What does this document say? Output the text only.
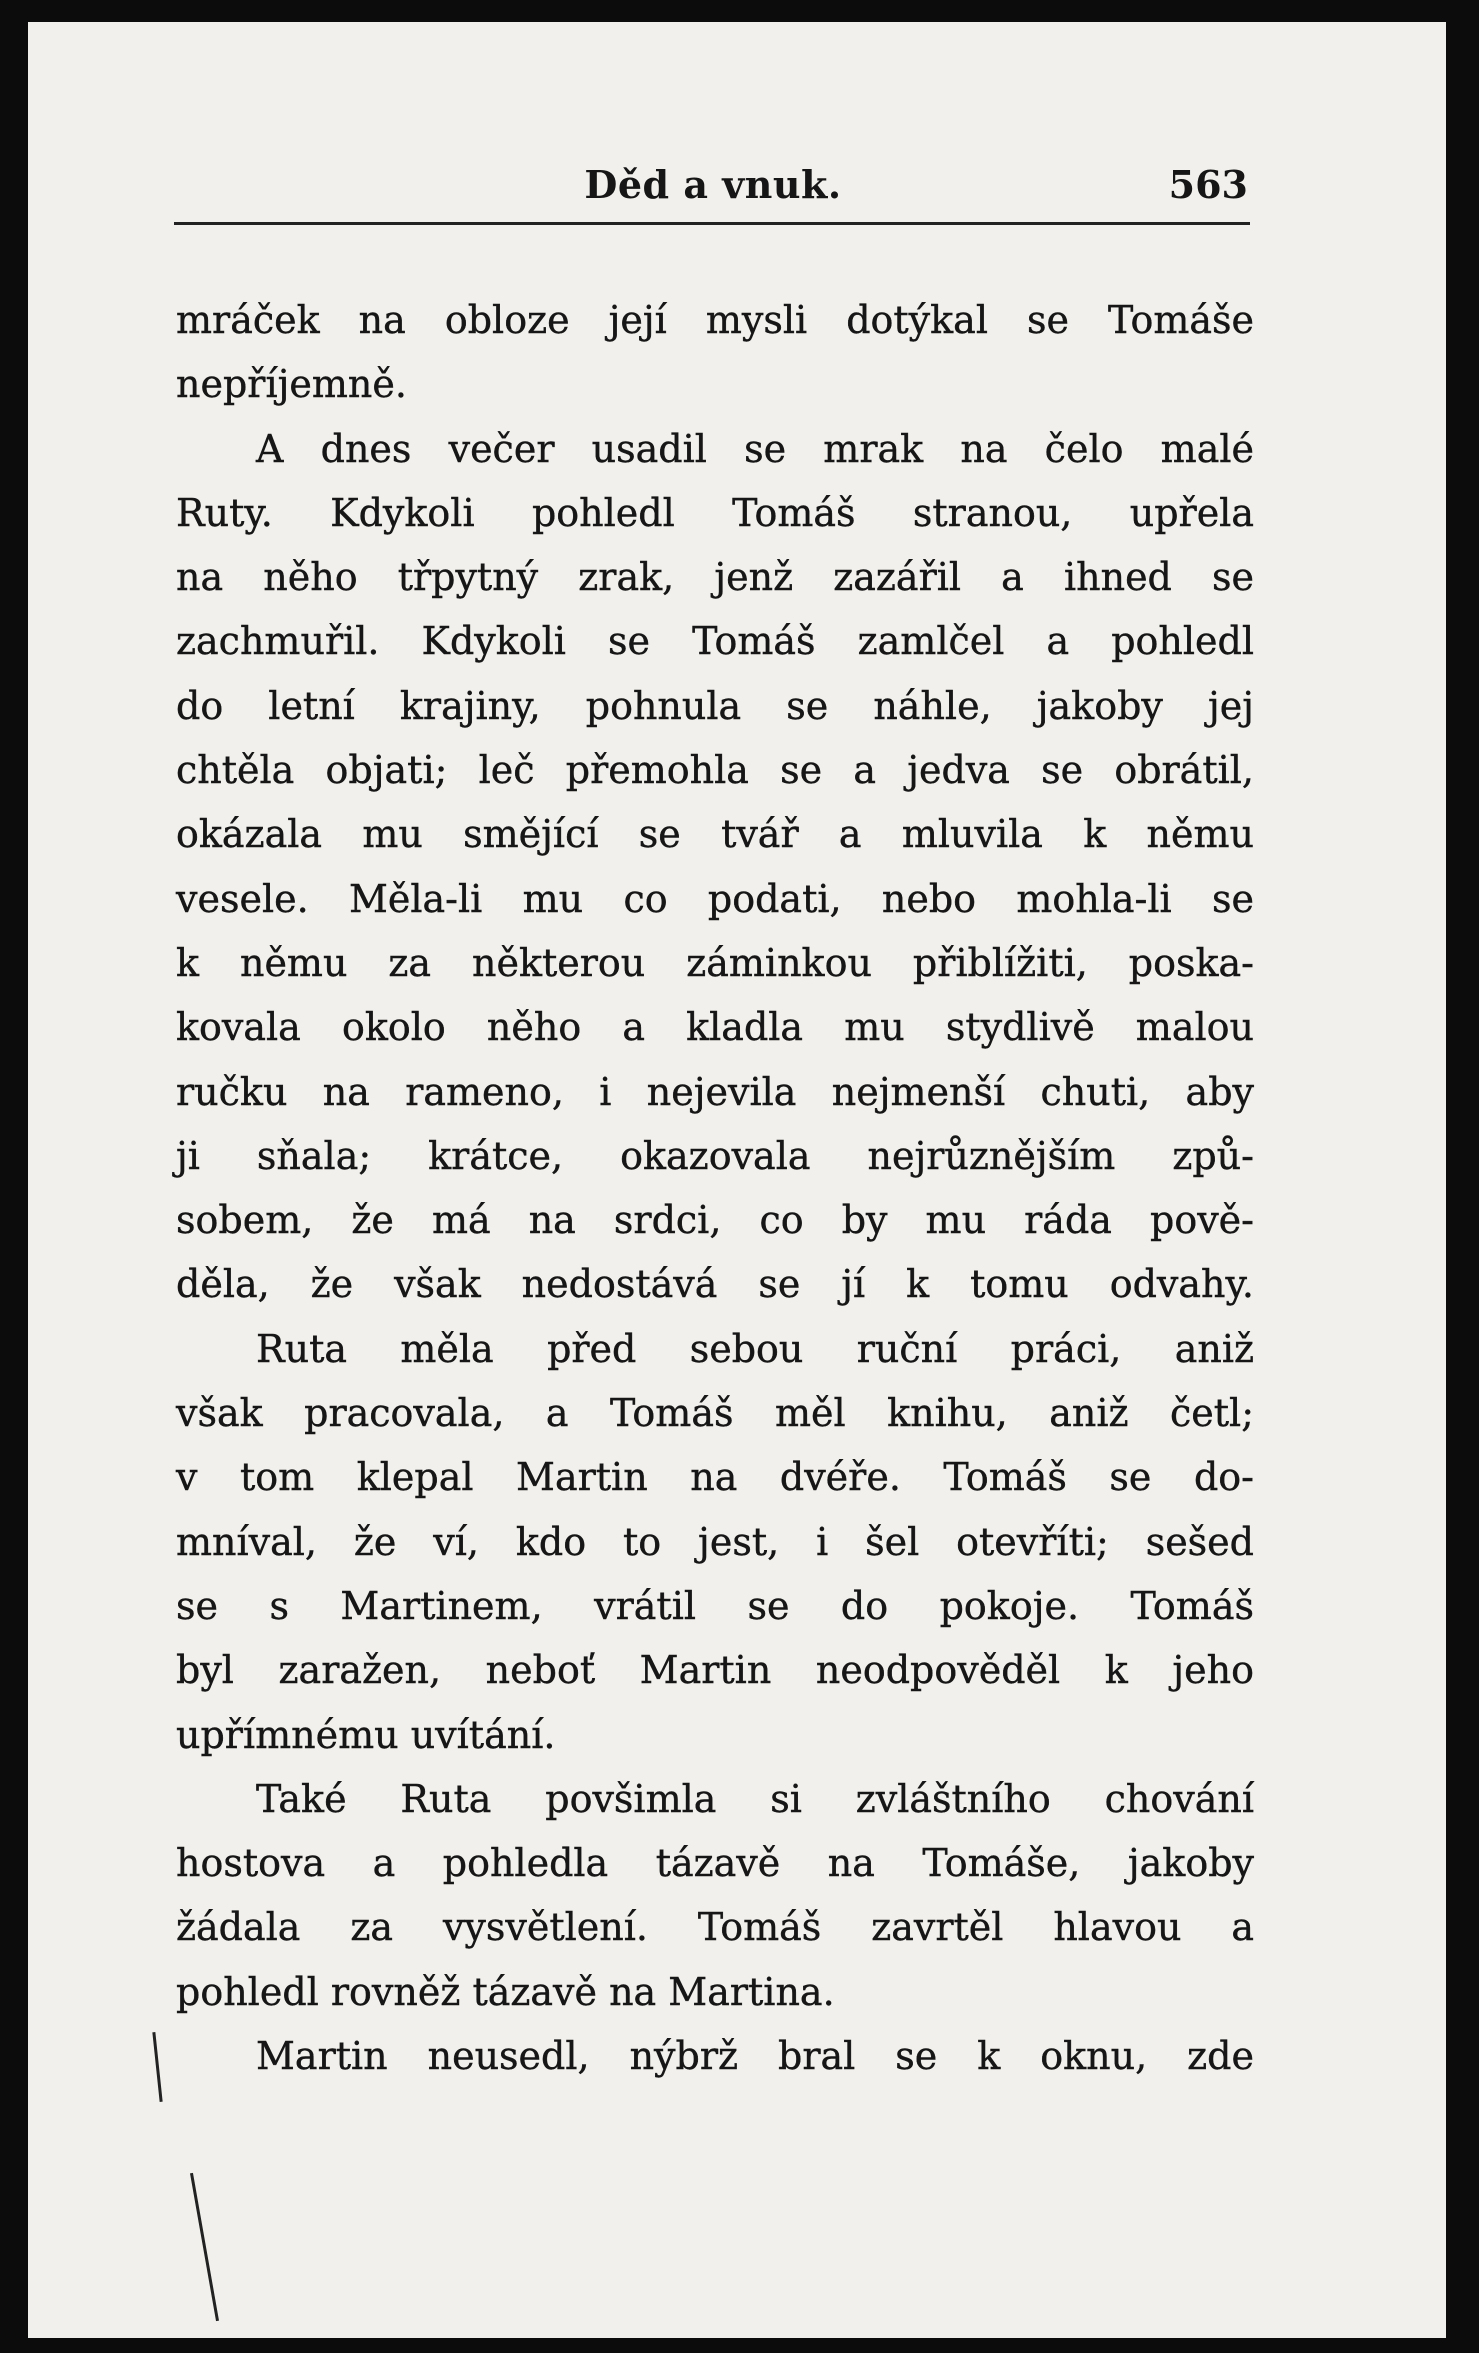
Děd a vnuk.	563
mráček na obloze její mysli dotýkal se Tomáše
nepříjemně.
A dnes večer usadil se mrak na čelo malé
Ruty. Kdykoli pohledl Tomáš stranou, upřela
na něho třpytný zrak, jenž zazářil a ihned se
zachmuřil. Kdykoli se Tomáš zamlčel a pohledl
do letní krajiny, pohnula se náhle, jakoby jej
chtěla objati; leč přemohla se a jedva se obrátil,
okázala mu smějící se tvář a mluvila k němu
vesele. Měla-li mu co podati, nebo mohla-li se
k němu za některou záminkou přiblížiti, poska-
kovala okolo něho a kladla mu stydlivě malou
ručku na rameno, i nejevila nejmenší chuti, aby
ji sňala; krátce, okazovala nejrůznějším způ-
sobem, že má na srdci, co by mu ráda pově-
děla, že však nedostává se jí k tomu odvahy.
Ruta měla před sebou ruční práci, aniž
však pracovala, a Tomáš měl knihu, aniž četl;
v tom klepal Martin na dvéře. Tomáš se do-
mníval, že ví, kdo to jest, i šel otevříti; sešed
se s Martinem, vrátil se do pokoje. Tomáš
byl zaražen, neboť Martin neodpověděl k jeho
upřímnému uvítání.
Také Ruta povšimla si zvláštního chování
hostova a pohledla tázavě na Tomáše, jakoby
žádala za vysvětlení. Tomáš zavrtěl hlavou a
pohledl rovněž tázavě na Martina.
Martin neusedl, nýbrž bral se k oknu, zde
